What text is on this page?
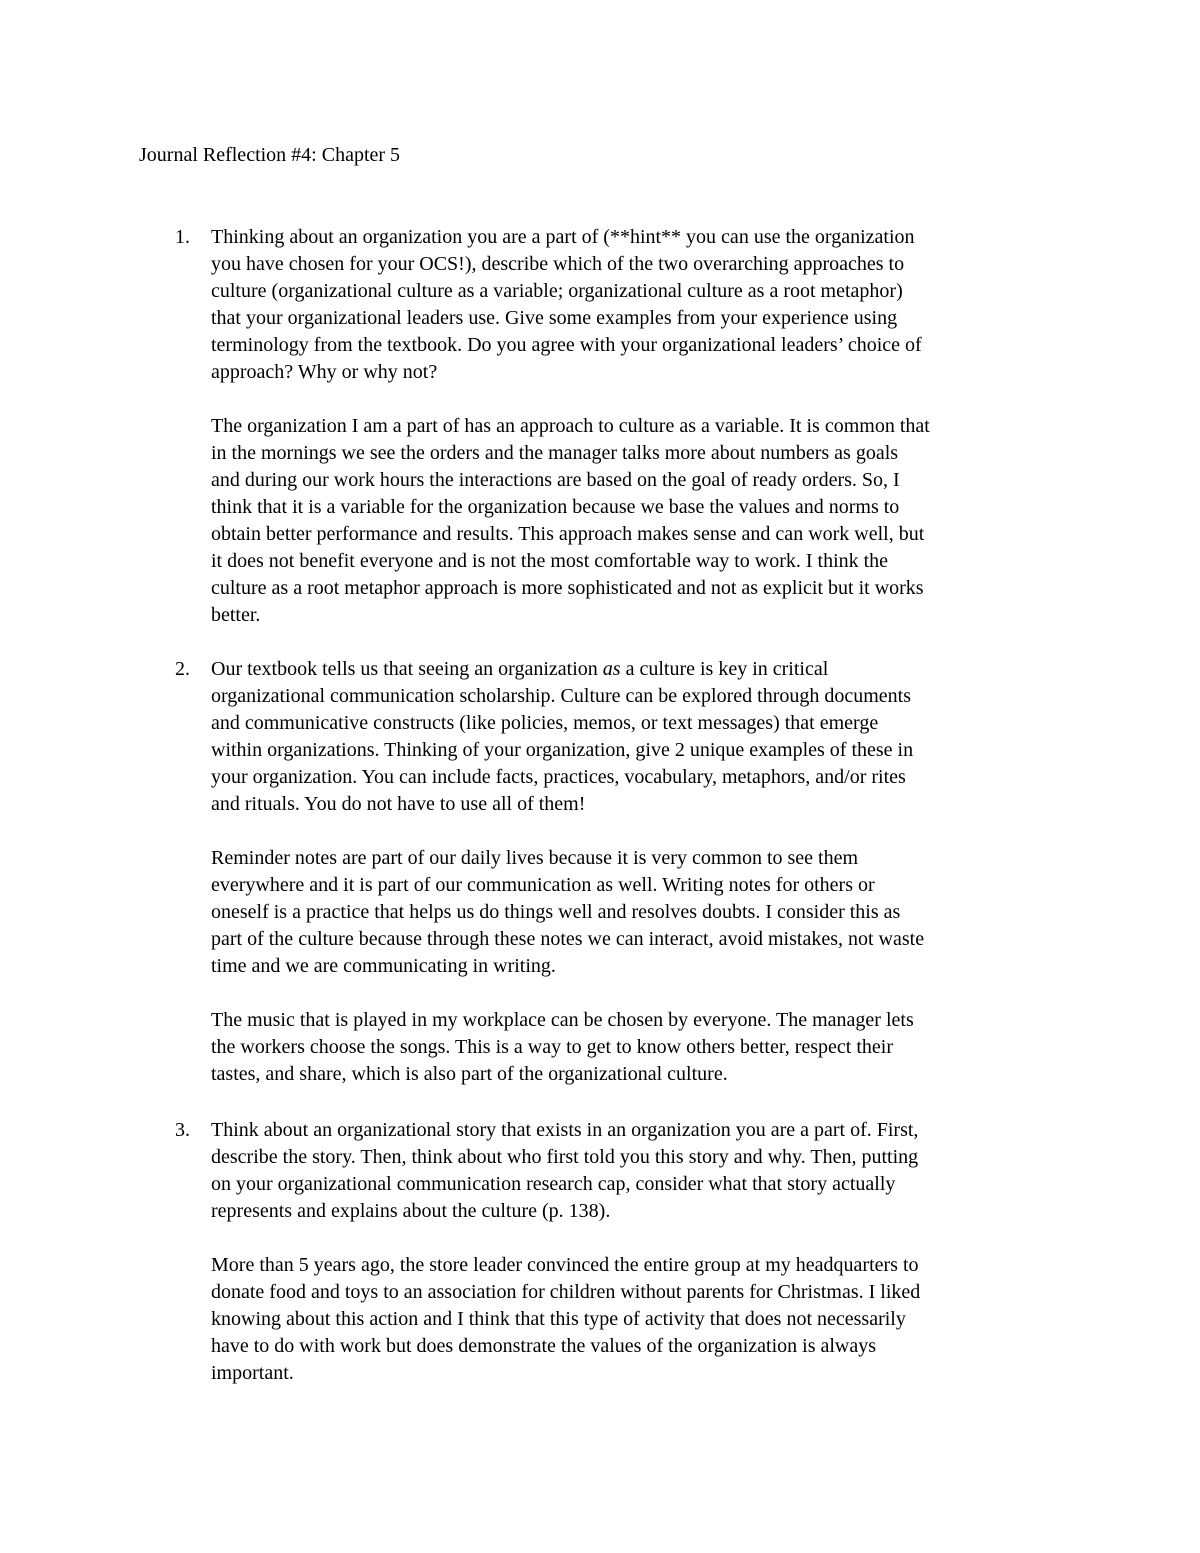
Journal Reflection #4: Chapter 5
1.	Thinking about an organization you are a part of (**hint** you can use the organization
you have chosen for your OCS!), describe which of the two overarching approaches to
culture (organizational culture as a variable; organizational culture as a root metaphor)
that your organizational leaders use. Give some examples from your experience using
terminology from the textbook. Do you agree with your organizational leaders’ choice of
approach? Why or why not?

The organization I am a part of has an approach to culture as a variable. It is common that
in the mornings we see the orders and the manager talks more about numbers as goals
and during our work hours the interactions are based on the goal of ready orders. So, I
think that it is a variable for the organization because we base the values and norms to
obtain better performance and results. This approach makes sense and can work well, but
it does not benefit everyone and is not the most comfortable way to work. I think the
culture as a root metaphor approach is more sophisticated and not as explicit but it works
better.

2.	Our textbook tells us that seeing an organization as a culture is key in critical
organizational communication scholarship. Culture can be explored through documents
and communicative constructs (like policies, memos, or text messages) that emerge
within organizations. Thinking of your organization, give 2 unique examples of these in
your organization. You can include facts, practices, vocabulary, metaphors, and/or rites
and rituals. You do not have to use all of them!

Reminder notes are part of our daily lives because it is very common to see them
everywhere and it is part of our communication as well. Writing notes for others or
oneself is a practice that helps us do things well and resolves doubts. I consider this as
part of the culture because through these notes we can interact, avoid mistakes, not waste
time and we are communicating in writing.

The music that is played in my workplace can be chosen by everyone. The manager lets
the workers choose the songs. This is a way to get to know others better, respect their
tastes, and share, which is also part of the organizational culture.

3.	Think about an organizational story that exists in an organization you are a part of. First,
describe the story. Then, think about who first told you this story and why. Then, putting
on your organizational communication research cap, consider what that story actually
represents and explains about the culture (p. 138).

More than 5 years ago, the store leader convinced the entire group at my headquarters to
donate food and toys to an association for children without parents for Christmas. I liked
knowing about this action and I think that this type of activity that does not necessarily
have to do with work but does demonstrate the values of the organization is always
important.
